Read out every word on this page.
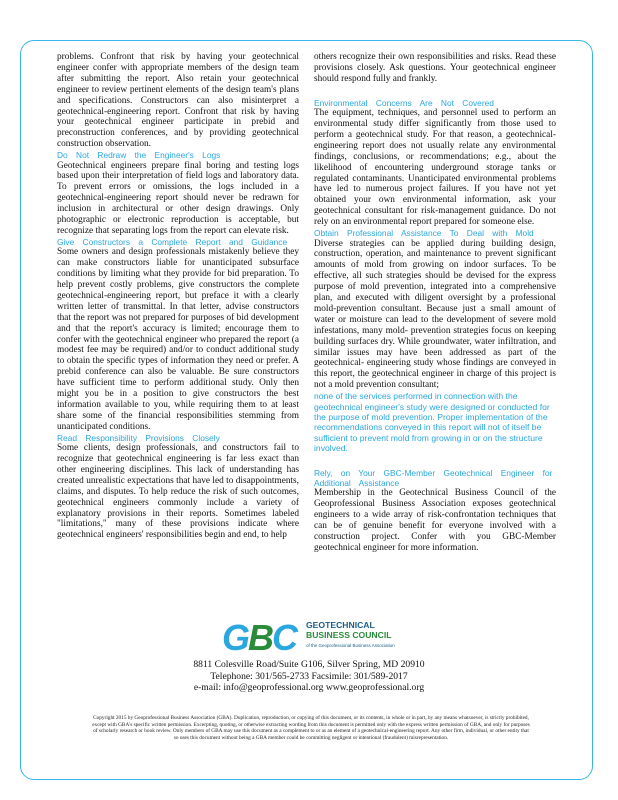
problems. Confront that risk by having your geotechnical engineer confer with appropriate members of the design team after submitting the report. Also retain your geotechnical engineer to review pertinent elements of the design team's plans and specifications. Constructors can also misinterpret a geotechnical-engineering report. Confront that risk by having your geotechnical engineer participate in prebid and preconstruction conferences, and by providing geotechnical construction observation.

Do Not Redraw the Engineer's Logs

Geotechnical engineers prepare final boring and testing logs based upon their interpretation of field logs and laboratory data. To prevent errors or omissions, the logs included in a geotechnical-engineering report should never be redrawn for inclusion in architectural or other design drawings. Only photographic or electronic reproduction is acceptable, but recognize that separating logs from the report can elevate risk.

Give Constructors a Complete Report and Guidance

Some owners and design professionals mistakenly believe they can make constructors liable for unanticipated subsurface conditions by limiting what they provide for bid preparation. To help prevent costly problems, give constructors the complete geotechnical-engineering report, but preface it with a clearly written letter of transmittal. In that letter, advise constructors that the report was not prepared for purposes of bid development and that the report's accuracy is limited; encourage them to confer with the geotechnical engineer who prepared the report (a modest fee may be required) and/or to conduct additional study to obtain the specific types of information they need or prefer. A prebid conference can also be valuable. Be sure constructors have sufficient time to perform additional study. Only then might you be in a position to give constructors the best information available to you, while requiring them to at least share some of the financial responsibilities stemming from unanticipated conditions.

Read Responsibility Provisions Closely

Some clients, design professionals, and constructors fail to recognize that geotechnical engineering is far less exact than other engineering disciplines. This lack of understanding has created unrealistic expectations that have led to disappointments, claims, and disputes. To help reduce the risk of such outcomes, geotechnical engineers commonly include a variety of explanatory provisions in their reports. Sometimes labeled "limitations," many of these provisions indicate where geotechnical engineers' responsibilities begin and end, to help

others recognize their own responsibilities and risks. Read these provisions closely. Ask questions. Your geotechnical engineer should respond fully and frankly.

Environmental Concerns Are Not Covered

The equipment, techniques, and personnel used to perform an environmental study differ significantly from those used to perform a geotechnical study. For that reason, a geotechnical-engineering report does not usually relate any environmental findings, conclusions, or recommendations; e.g., about the likelihood of encountering underground storage tanks or regulated contaminants. Unanticipated environmental problems have led to numerous project failures. If you have not yet obtained your own environmental information, ask your geotechnical consultant for risk-management guidance. Do not rely on an environmental report prepared for someone else.

Obtain Professional Assistance To Deal with Mold

Diverse strategies can be applied during building design, construction, operation, and maintenance to prevent significant amounts of mold from growing on indoor surfaces. To be effective, all such strategies should be devised for the express purpose of mold prevention, integrated into a comprehensive plan, and executed with diligent oversight by a professional mold-prevention consultant. Because just a small amount of water or moisture can lead to the development of severe mold infestations, many mold- prevention strategies focus on keeping building surfaces dry. While groundwater, water infiltration, and similar issues may have been addressed as part of the geotechnical- engineering study whose findings are conveyed in this report, the geotechnical engineer in charge of this project is not a mold prevention consultant;

none of the services performed in connection with the geotechnical engineer's study were designed or conducted for the purpose of mold prevention. Proper implementation of the recommendations conveyed in this report will not of itself be sufficient to prevent mold from growing in or on the structure involved.

Rely, on Your GBC-Member Geotechnical Engineer for Additional Assistance

Membership in the Geotechnical Business Council of the Geoprofessional Business Association exposes geotechnical engineers to a wide array of risk-confrontation techniques that can be of genuine benefit for everyone involved with a construction project. Confer with you GBC-Member geotechnical engineer for more information.

GBC	GEOTECHNICAL
BUSINESS COUNCIL
of the Geoprofessional Business Association
8811 Colesville Road/Suite G106, Silver Spring, MD 20910
Telephone: 301/565-2733 Facsimile: 301/589-2017
e-mail: info@geoprofessional.org www.geoprofessional.org
Copyright 2015 by Geoprofessional Business Association (GBA). Duplication, reproduction, or copying of this document, or its contents, in whole or in part, by any means whatsoever, is strictly prohibited, except with GBA's specific written permission. Excerpting, quoting, or otherwise extracting wording from this document is permitted only with the express written permission of GBA, and only for purposes of scholarly research or book review. Only members of GBA may use this document as a complement to or as an element of a geotechnical-engineering report. Any other firm, individual, or other entity that so uses this document without being a GBA member could be committing negligent or intentional (fraudulent) misrepresentation.
